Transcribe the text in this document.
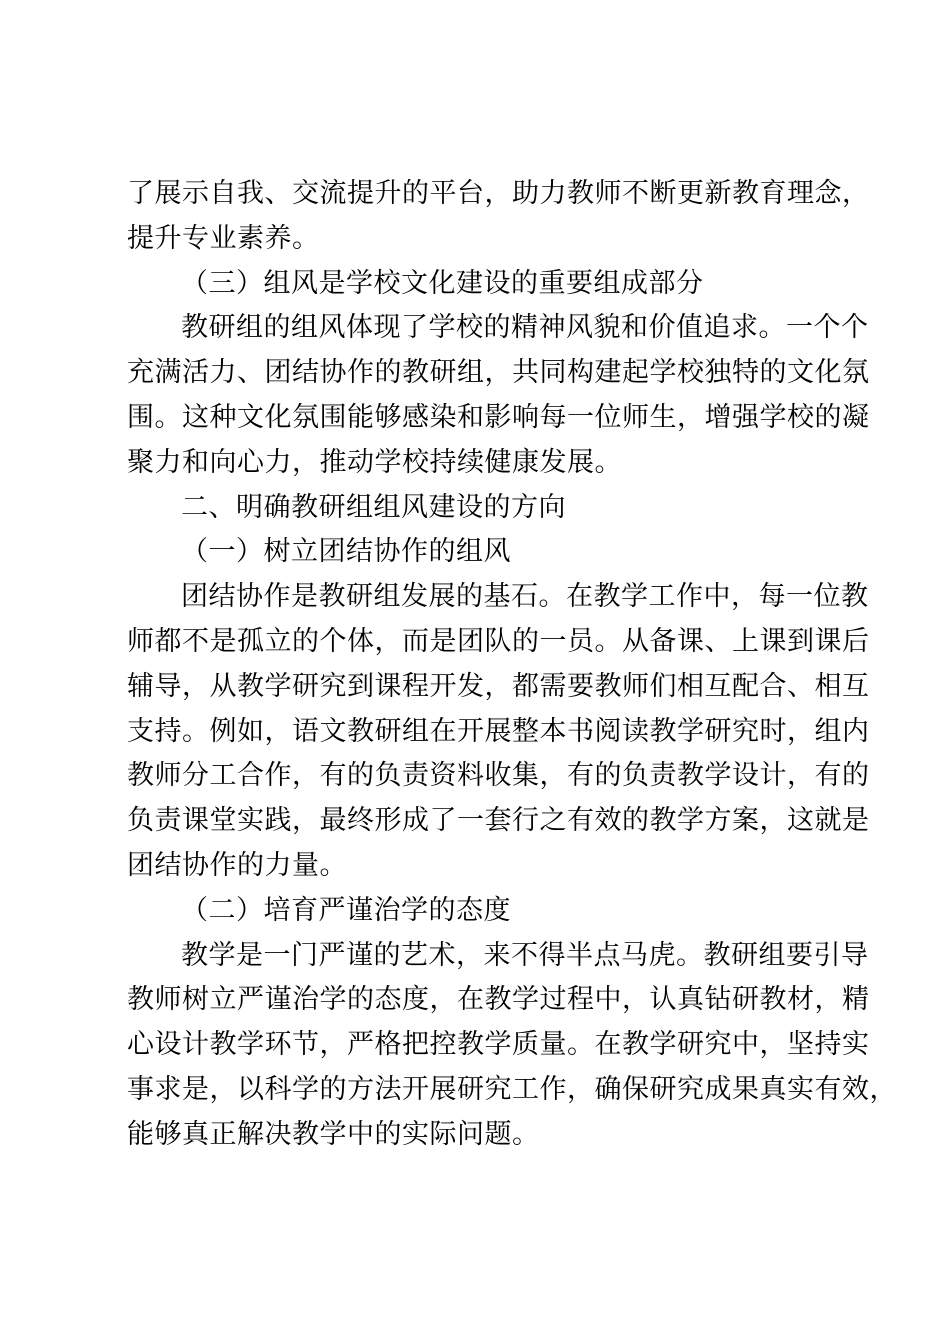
了展示自我、交流提升的平台，助力教师不断更新教育理念，
提升专业素养。

（三）组风是学校文化建设的重要组成部分

教研组的组风体现了学校的精神风貌和价值追求。一个个
充满活力、团结协作的教研组，共同构建起学校独特的文化氛
围。这种文化氛围能够感染和影响每一位师生，增强学校的凝
聚力和向心力，推动学校持续健康发展。

二、明确教研组组风建设的方向

（一）树立团结协作的组风

团结协作是教研组发展的基石。在教学工作中，每一位教
师都不是孤立的个体，而是团队的一员。从备课、上课到课后
辅导，从教学研究到课程开发，都需要教师们相互配合、相互
支持。例如，语文教研组在开展整本书阅读教学研究时，组内
教师分工合作，有的负责资料收集，有的负责教学设计，有的
负责课堂实践，最终形成了一套行之有效的教学方案，这就是
团结协作的力量。

（二）培育严谨治学的态度

教学是一门严谨的艺术，来不得半点马虎。教研组要引导
教师树立严谨治学的态度，在教学过程中，认真钻研教材，精
心设计教学环节，严格把控教学质量。在教学研究中，坚持实
事求是，以科学的方法开展研究工作，确保研究成果真实有效，
能够真正解决教学中的实际问题。
